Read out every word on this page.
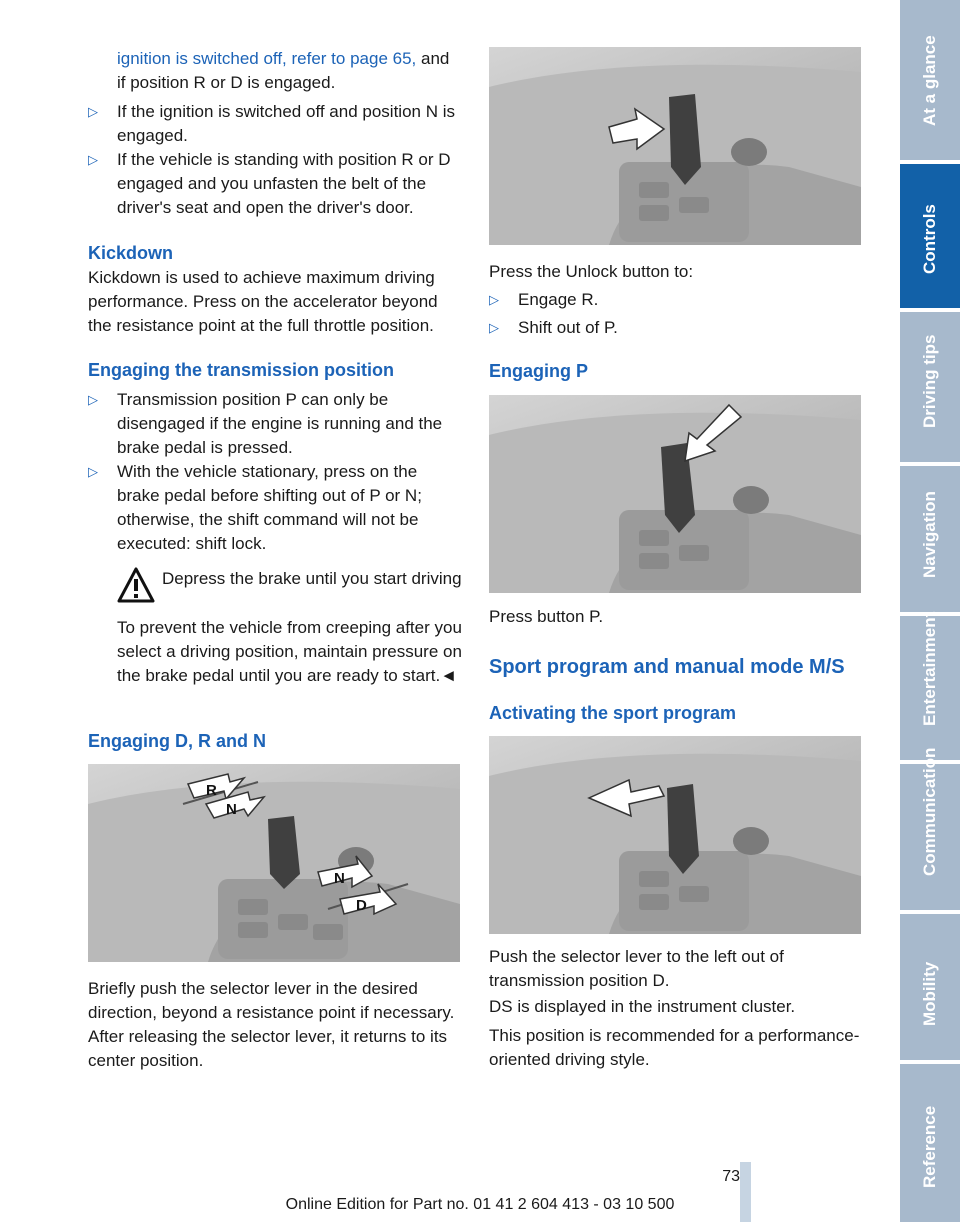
ignition is switched off, refer to page 65, and

if position R or D is engaged.

▷	If the ignition is switched off and position N is engaged.
▷	If the vehicle is standing with position R or D engaged and you unfasten the belt of the driver's seat and open the driver's door.

Kickdown

Kickdown is used to achieve maximum driving performance. Press on the accelerator beyond the resistance point at the full throttle position.

Engaging the transmission position

▷	Transmission position P can only be disengaged if the engine is running and the brake pedal is pressed.
▷	With the vehicle stationary, press on the brake pedal before shifting out of P or N; otherwise, the shift command will not be executed: shift lock.

Depress the brake until you start driving

To prevent the vehicle from creeping after you select a driving position, maintain pressure on the brake pedal until you are ready to start.◄

Engaging D, R and N

R
N
N
D

Briefly push the selector lever in the desired direction, beyond a resistance point if necessary.

After releasing the selector lever, it returns to its center position.

Press the Unlock button to:

▷	Engage R.
▷	Shift out of P.

Engaging P

Press button P.

Sport program and manual mode M/S

Activating the sport program

Push the selector lever to the left out of transmission position D.

DS is displayed in the instrument cluster.

This position is recommended for a performance-oriented driving style.

At a glance
Controls
Driving tips
Navigation
Entertainment
Communication
Mobility
Reference
73
Online Edition for Part no. 01 41 2 604 413 - 03 10 500
